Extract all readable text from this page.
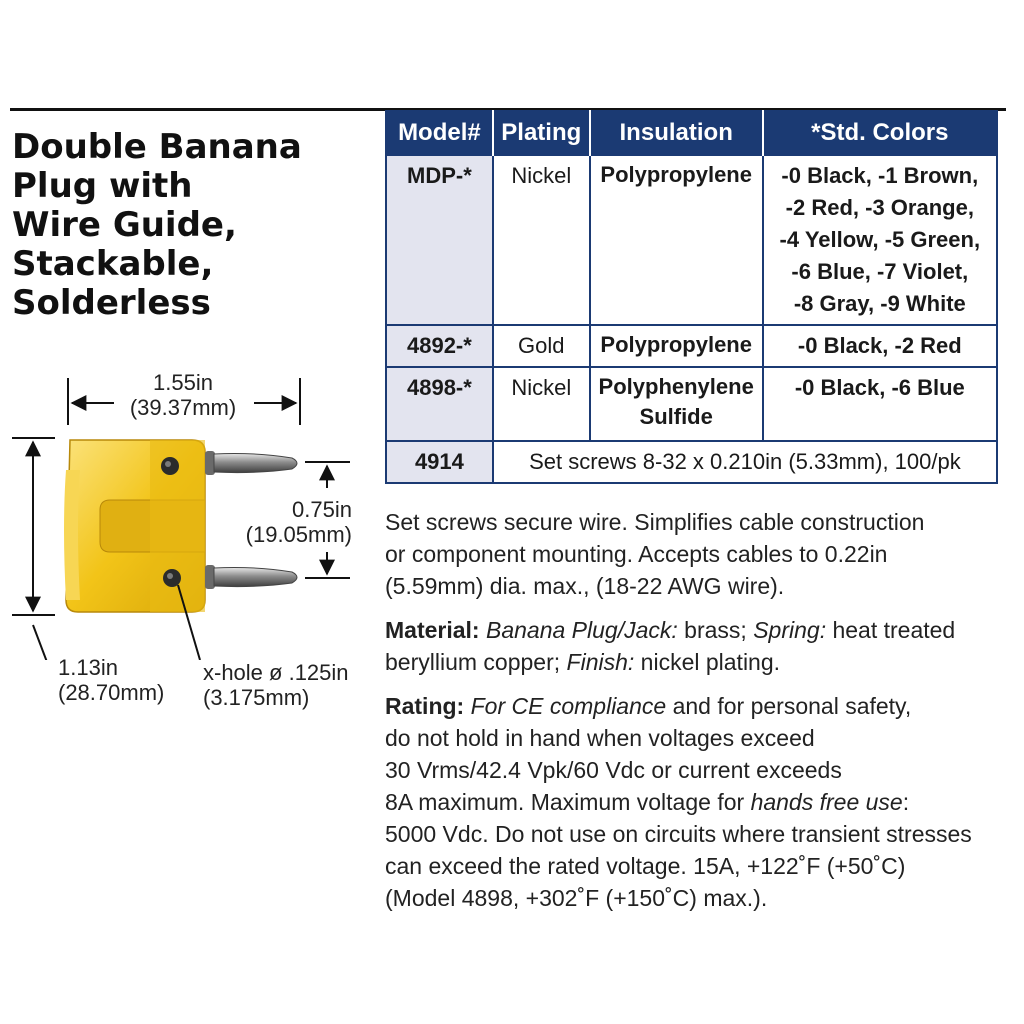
Double Banana
Plug with
Wire Guide,
Stackable,
Solderless
1.55in
(39.37mm)
0.75in
(19.05mm)
1.13in
(28.70mm)
x-hole ø .125in
(3.175mm)
Model#	Plating	Insulation	*Std. Colors
MDP-*	Nickel	Polypropylene	-0 Black, -1 Brown,
-2 Red, -3 Orange,
-4 Yellow, -5 Green,
-6 Blue, -7 Violet,
-8 Gray, -9 White

4892-*	Gold	Polypropylene	-0 Black, -2 Red

4898-*	Nickel	Polyphenylene
Sulfide	-0 Black, -6 Blue

4914	Set screws 8-32 x 0.210in (5.33mm), 100/pk		
Set screws secure wire. Simplifies cable construction
or component mounting. Accepts cables to 0.22in
(5.59mm) dia. max., (18-22 AWG wire).
Material: Banana Plug/Jack: brass; Spring: heat treated
beryllium copper; Finish: nickel plating.
Rating: For CE compliance and for personal safety,
do not hold in hand when voltages exceed
30 Vrms/42.4 Vpk/60 Vdc or current exceeds
8A maximum. Maximum voltage for hands free use:
5000 Vdc. Do not use on circuits where transient stresses
can exceed the rated voltage. 15A, +122˚F (+50˚C)
(Model 4898, +302˚F (+150˚C) max.).
